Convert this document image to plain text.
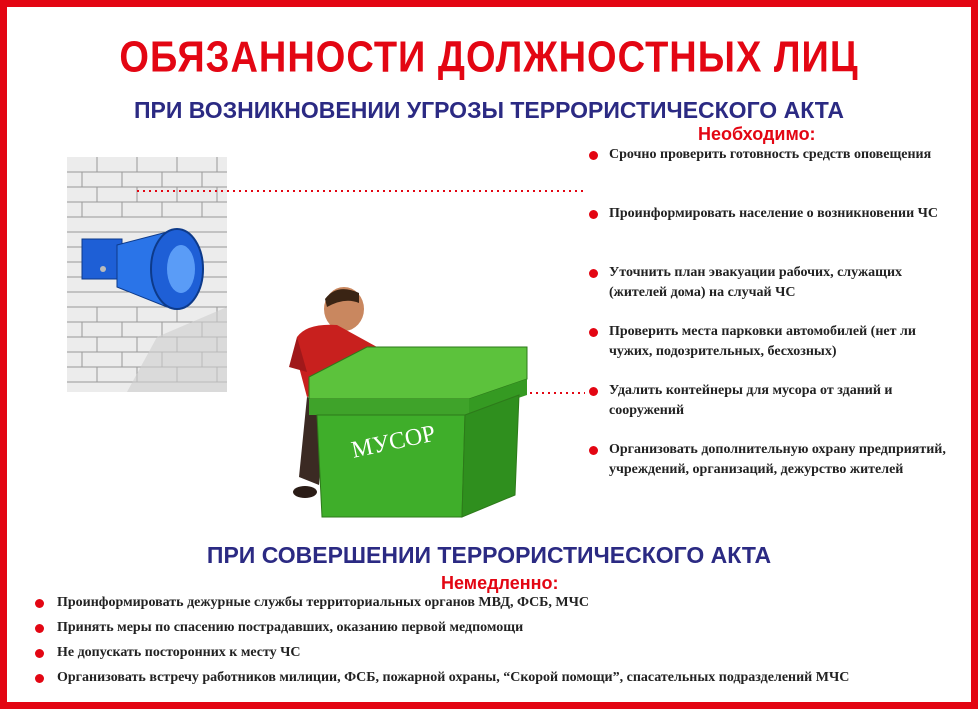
МУСОР
ОБЯЗАННОСТИ ДОЛЖНОСТНЫХ ЛИЦ
ПРИ ВОЗНИКНОВЕНИИ УГРОЗЫ ТЕРРОРИСТИЧЕСКОГО АКТА
Необходимо:
Срочно проверить готовность средств оповещения
Проинформировать население о возникновении ЧС
Уточнить план эвакуации рабочих, служащих (жителей дома) на случай ЧС
Проверить места парковки автомобилей (нет ли чужих, подозрительных, бесхозных)
Удалить контейнеры для мусора от зданий и сооружений
Организовать дополнительную охрану предприятий, учреждений, организаций, дежурство жителей
ПРИ СОВЕРШЕНИИ ТЕРРОРИСТИЧЕСКОГО АКТА
Немедленно:
Проинформировать дежурные службы территориальных органов МВД, ФСБ, МЧС
Принять меры по спасению пострадавших, оказанию первой медпомощи
Не допускать посторонних к месту ЧС
Организовать встречу работников милиции, ФСБ, пожарной охраны, “Скорой помощи”, спасательных подразделений МЧС
